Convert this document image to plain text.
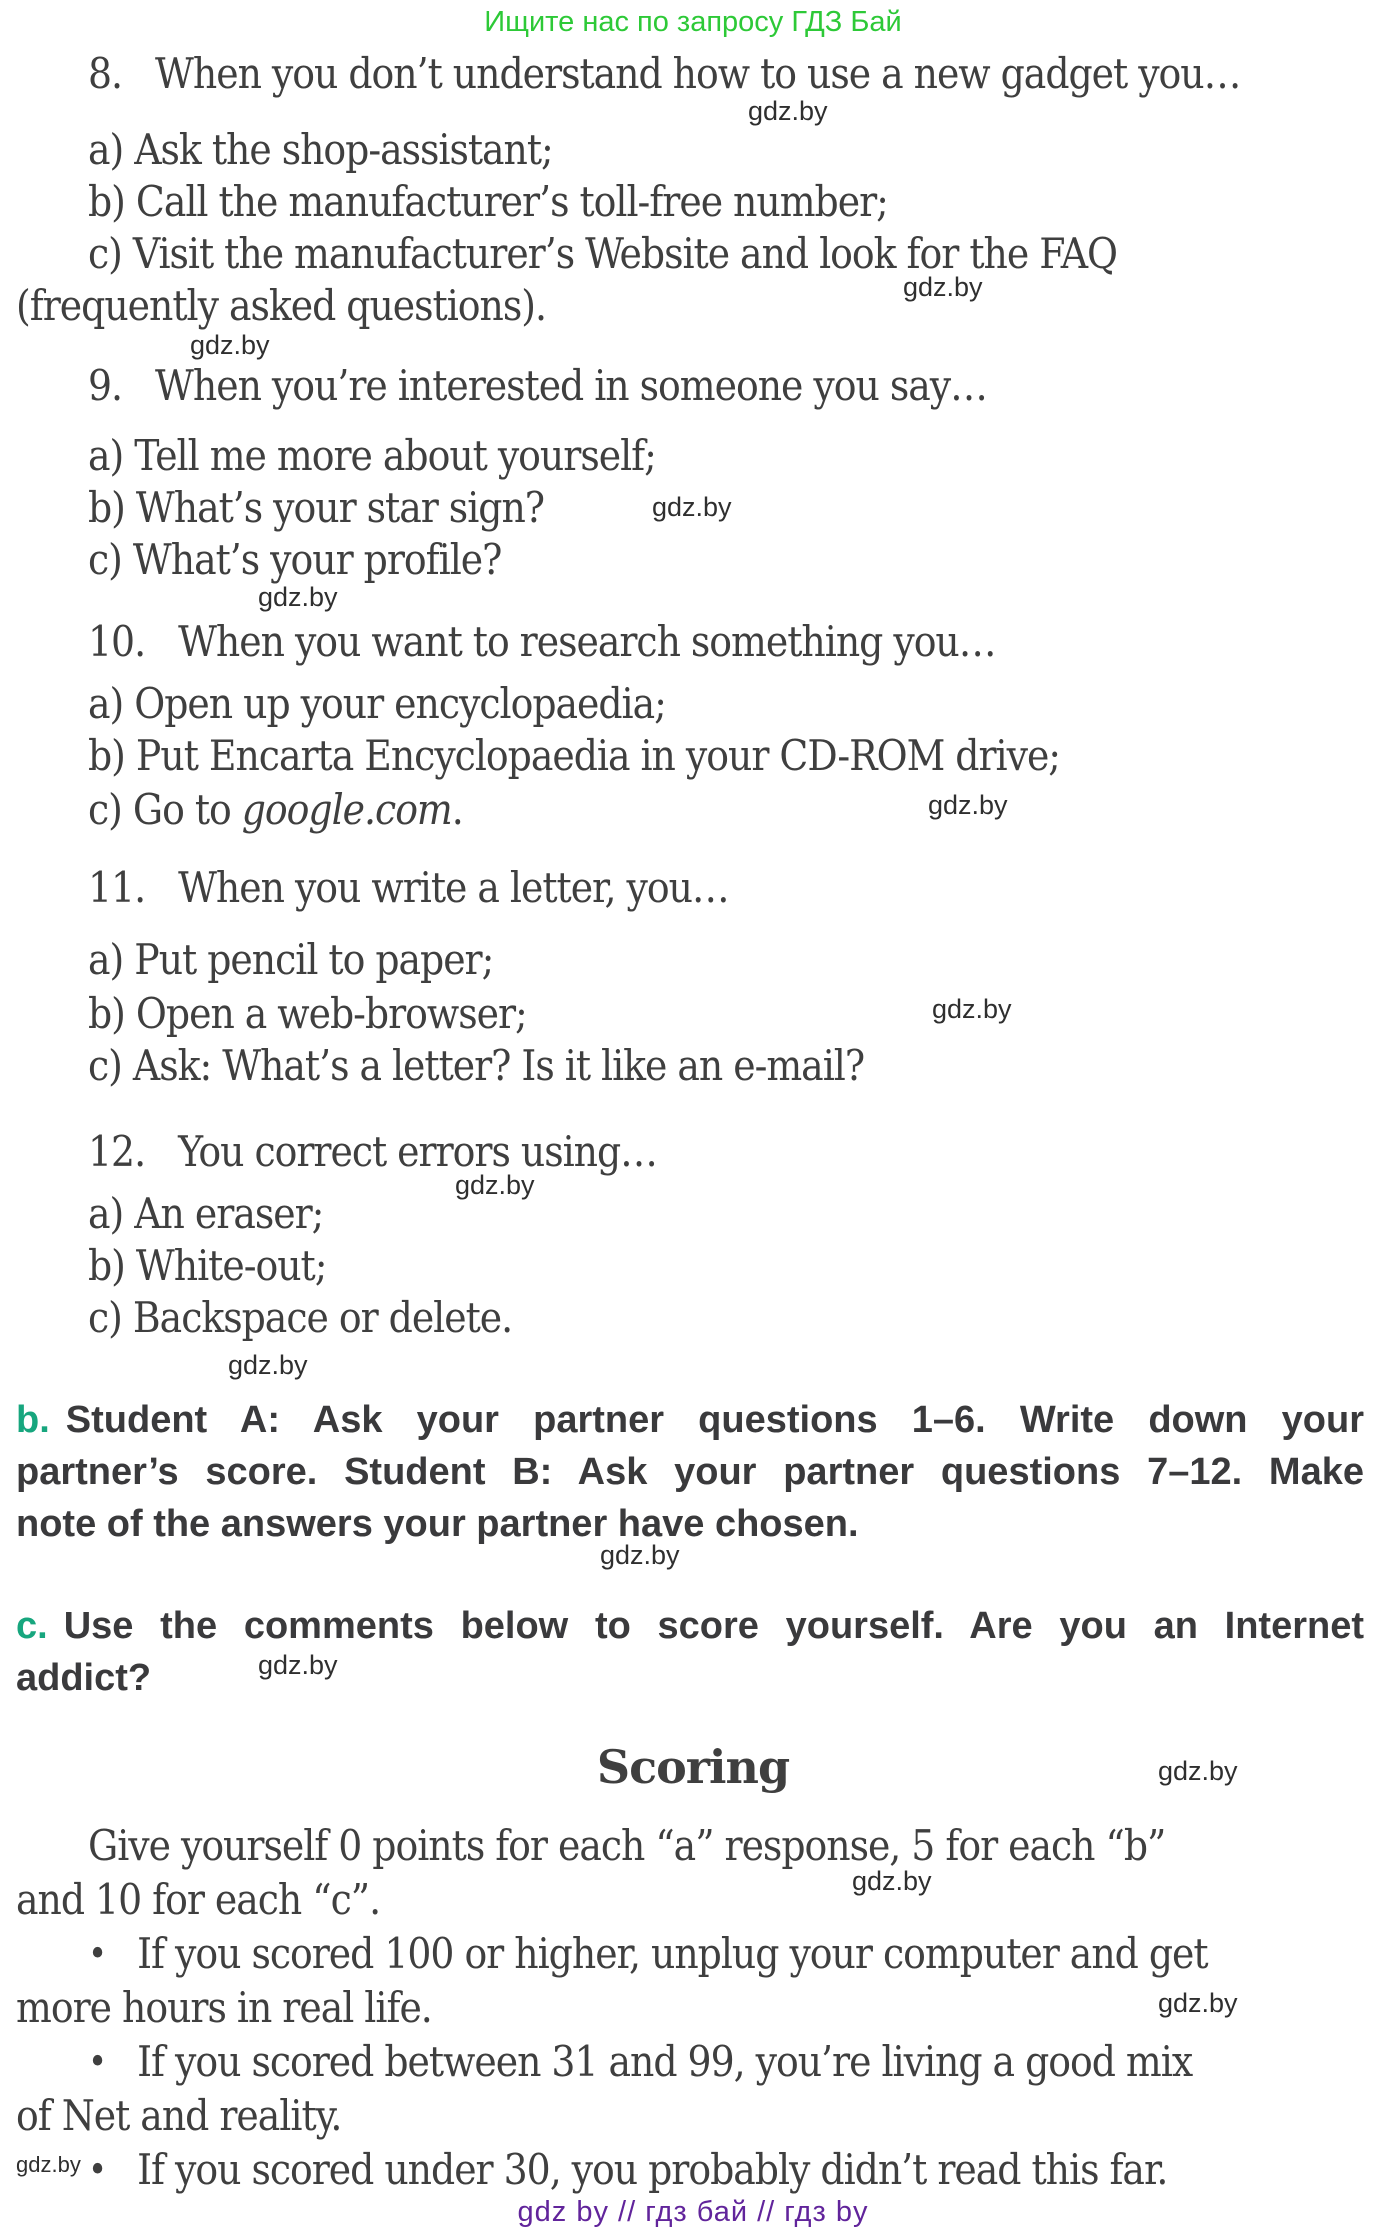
Ищите нас по запросу ГДЗ Бай
8. When you don’t understand how to use a new gadget you…
a) Ask the shop-assistant;
b) Call the manufacturer’s toll-free number;
c) Visit the manufacturer’s Website and look for the FAQ
(frequently asked questions).
9. When you’re interested in someone you say…
a) Tell me more about yourself;
b) What’s your star sign?
c) What’s your profile?
10. When you want to research something you…
a) Open up your encyclopaedia;
b) Put Encarta Encyclopaedia in your CD-ROM drive;
c) Go to google.com.
11. When you write a letter, you…
a) Put pencil to paper;
b) Open a web-browser;
c) Ask: What’s a letter? Is it like an e-mail?
12. You correct errors using…
a) An eraser;
b) White-out;
c) Backspace or delete.
b. Student A: Ask your partner questions 1–6. Write down your
partner’s score. Student B: Ask your partner questions 7–12. Make
note of the answers your partner have chosen.
c. Use the comments below to score yourself. Are you an Internet
addict?
Scoring
Give yourself 0 points for each “a” response, 5 for each “b”
and 10 for each “c”.
• If you scored 100 or higher, unplug your computer and get
more hours in real life.
• If you scored between 31 and 99, you’re living a good mix
of Net and reality.
• If you scored under 30, you probably didn’t read this far.
gdz.by
gdz.by
gdz.by
gdz.by
gdz.by
gdz.by
gdz.by
gdz.by
gdz.by
gdz.by
gdz.by
gdz.by
gdz.by
gdz.by
gdz.by
gdz by // гдз бай // гдз by
